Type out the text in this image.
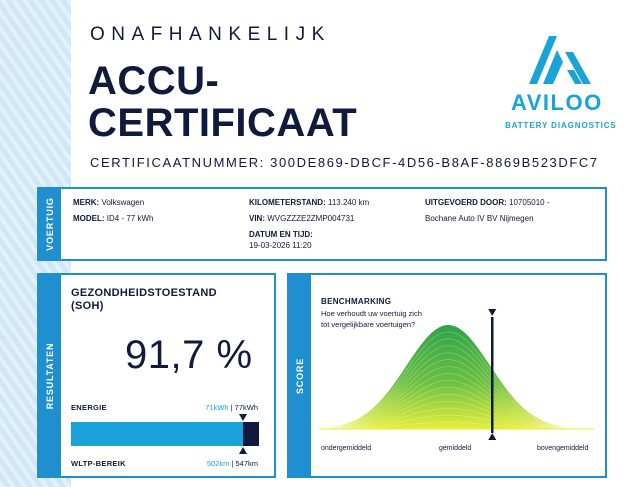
ONAFHANKELIJK
ACCU-
CERTIFICAAT
CERTIFICAATNUMMER: 300DE869-DBCF-4D56-B8AF-8869B523DFC7
AVILOO
BATTERY DIAGNOSTICS
VOERTUIG MERK: Volkswagen
MODEL: ID4 - 77 kWh
KILOMETERSTAND: 113.240 km
VIN: WVGZZZE2ZMP004731
DATUM EN TIJD:
19-03-2026 11:20
UITGEVOERD DOOR: 10705010 -
Bochane Auto IV BV Nijmegen
RESULTATEN
GEZONDHEIDSTOESTAND
(SOH)
91,7 %
ENERGIE	71kWh | 77kWh
WLTP-BEREIK	502km | 547km
SCORE
BENCHMARKING
Hoe verhoudt uw voertuig zich tot vergelijkbare voertuigen?
ondergemiddeld	gemiddeld	bovengemiddeld
